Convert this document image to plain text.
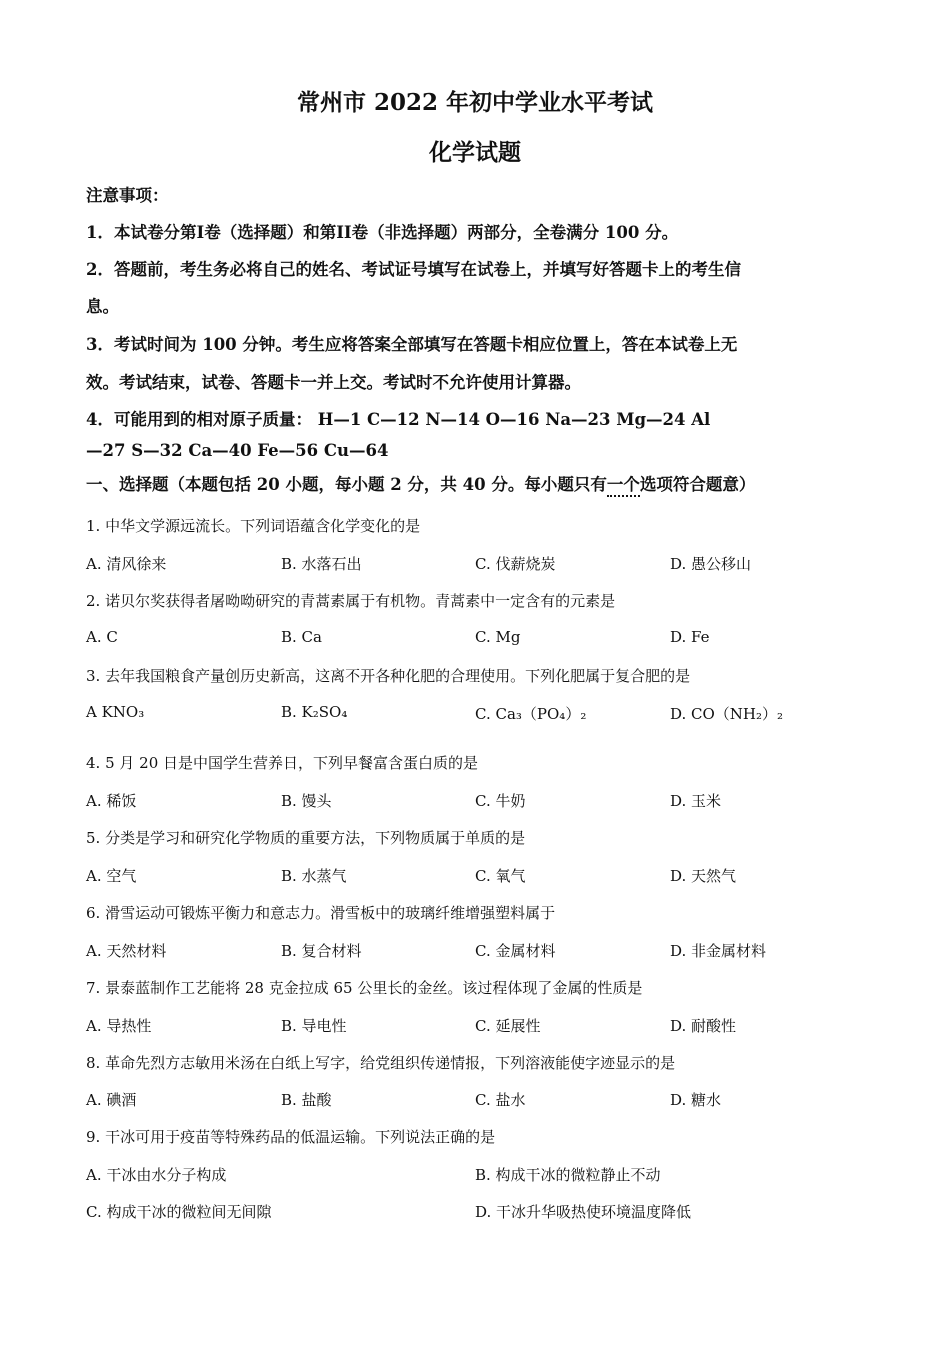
常州市 2022 年初中学业水平考试
化学试题
注意事项：
1．本试卷分第I卷（选择题）和第II卷（非选择题）两部分，全卷满分 100 分。
2．答题前，考生务必将自己的姓名、考试证号填写在试卷上，并填写好答题卡上的考生信
息。
3．考试时间为 100 分钟。考生应将答案全部填写在答题卡相应位置上，答在本试卷上无
效。考试结束，试卷、答题卡一并上交。考试时不允许使用计算器。
4．可能用到的相对原子质量： H—1 C—12 N—14 O—16 Na—23 Mg—24 Al
—27 S—32 Ca—40 Fe—56 Cu—64
一、选择题（本题包括 20 小题，每小题 2 分，共 40 分。每小题只有一个选项符合题意）
1. 中华文学源远流长。下列词语蕴含化学变化的是
A. 清风徐来	B. 水落石出	C. 伐薪烧炭	D. 愚公移山
2. 诺贝尔奖获得者屠呦呦研究的青蒿素属于有机物。青蒿素中一定含有的元素是
A. C	B. Ca	C. Mg	D. Fe
3. 去年我国粮食产量创历史新高，这离不开各种化肥的合理使用。下列化肥属于复合肥的是
A KNO₃	B. K₂SO₄	C. Ca₃（PO₄）₂	D. CO（NH₂）₂
4. 5 月 20 日是中国学生营养日，下列早餐富含蛋白质的是
A. 稀饭	B. 馒头	C. 牛奶	D. 玉米
5. 分类是学习和研究化学物质的重要方法，下列物质属于单质的是
A. 空气	B. 水蒸气	C. 氧气	D. 天然气
6. 滑雪运动可锻炼平衡力和意志力。滑雪板中的玻璃纤维增强塑料属于
A. 天然材料	B. 复合材料	C. 金属材料	D. 非金属材料
7. 景泰蓝制作工艺能将 28 克金拉成 65 公里长的金丝。该过程体现了金属的性质是
A. 导热性	B. 导电性	C. 延展性	D. 耐酸性
8. 革命先烈方志敏用米汤在白纸上写字，给党组织传递情报，下列溶液能使字迹显示的是
A. 碘酒	B. 盐酸	C. 盐水	D. 糖水
9. 干冰可用于疫苗等特殊药品的低温运输。下列说法正确的是
A. 干冰由水分子构成	B. 构成干冰的微粒静止不动
C. 构成干冰的微粒间无间隙	D. 干冰升华吸热使环境温度降低
